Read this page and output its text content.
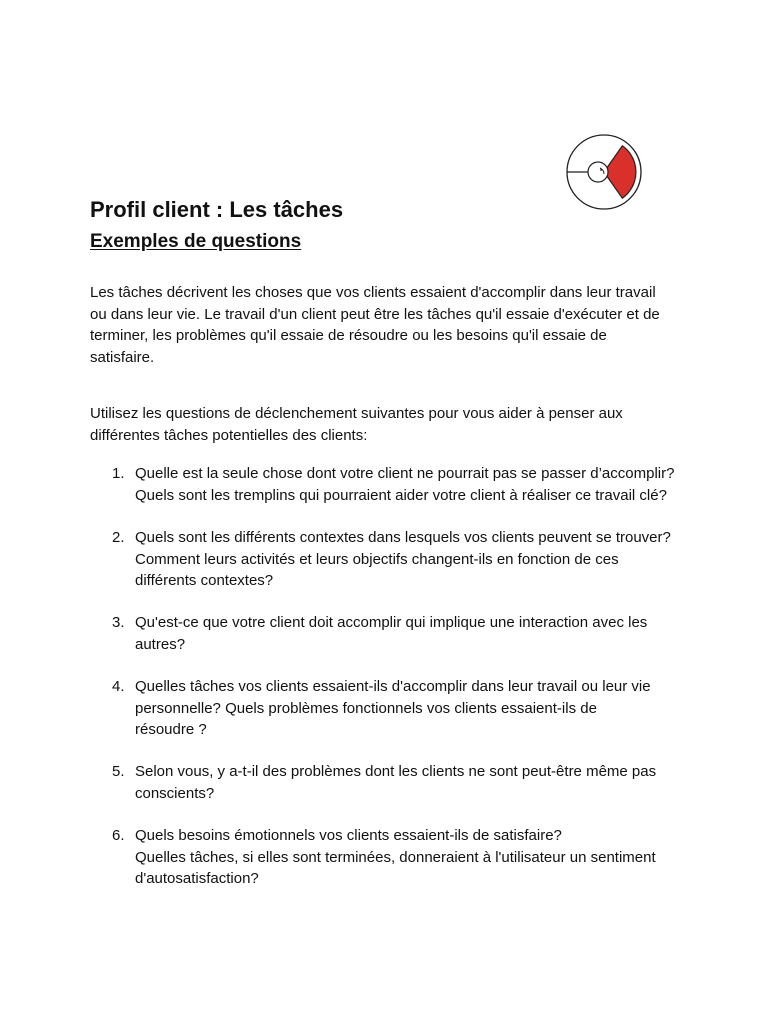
Profil client : Les tâches
Exemples de questions

Les tâches décrivent les choses que vos clients essaient d'accomplir dans leur travail
ou dans leur vie. Le travail d'un client peut être les tâches qu'il essaie d'exécuter et de
terminer, les problèmes qu'il essaie de résoudre ou les besoins qu'il essaie de
satisfaire.

Utilisez les questions de déclenchement suivantes pour vous aider à penser aux
différentes tâches potentielles des clients:

1. Quelle est la seule chose dont votre client ne pourrait pas se passer d’accomplir?
Quels sont les tremplins qui pourraient aider votre client à réaliser ce travail clé?
2. Quels sont les différents contextes dans lesquels vos clients peuvent se trouver?
Comment leurs activités et leurs objectifs changent-ils en fonction de ces
différents contextes?
3. Qu'est-ce que votre client doit accomplir qui implique une interaction avec les
autres?
4. Quelles tâches vos clients essaient-ils d'accomplir dans leur travail ou leur vie
personnelle? Quels problèmes fonctionnels vos clients essaient-ils de
résoudre ?
5. Selon vous, y a-t-il des problèmes dont les clients ne sont peut-être même pas
conscients?
6. Quels besoins émotionnels vos clients essaient-ils de satisfaire?
Quelles tâches, si elles sont terminées, donneraient à l'utilisateur un sentiment
d'autosatisfaction?
